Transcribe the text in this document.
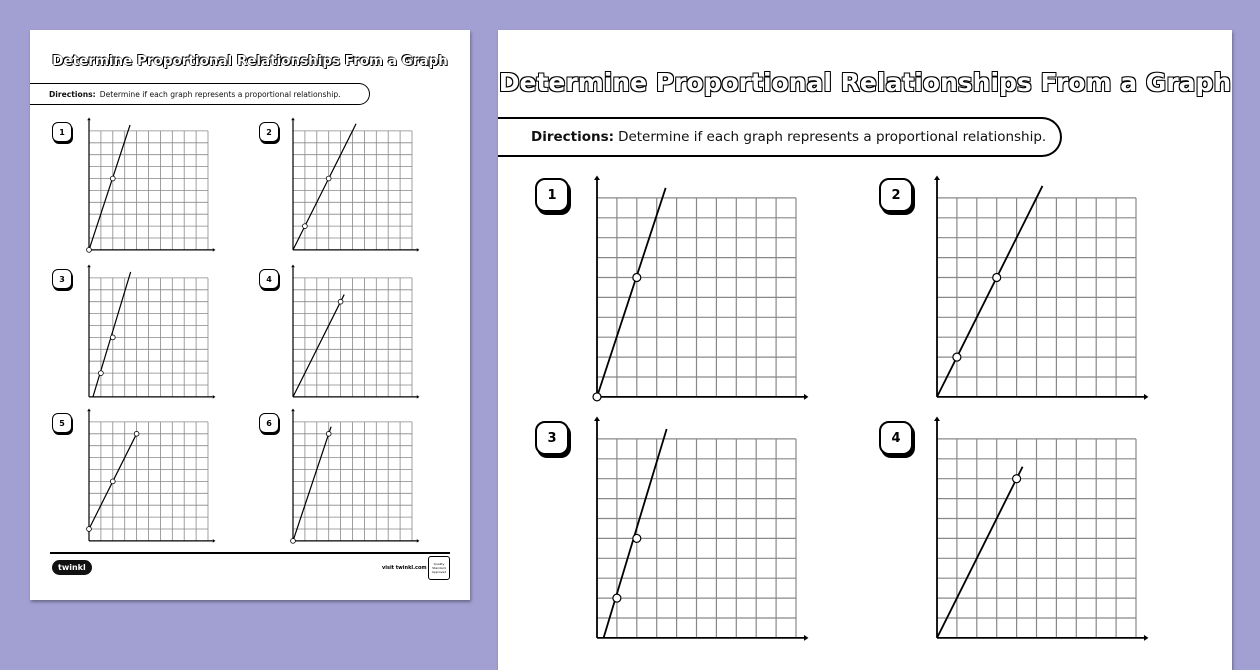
Determine Proportional Relationships From a Graph
Directions: Determine if each graph represents a proportional relationship.
1	2
3	4
5	6
twinkl	visit twinkl.com
Quality Standard Approved
Determine Proportional Relationships From a Graph
Directions: Determine if each graph represents a proportional relationship.
1	2
3	4
